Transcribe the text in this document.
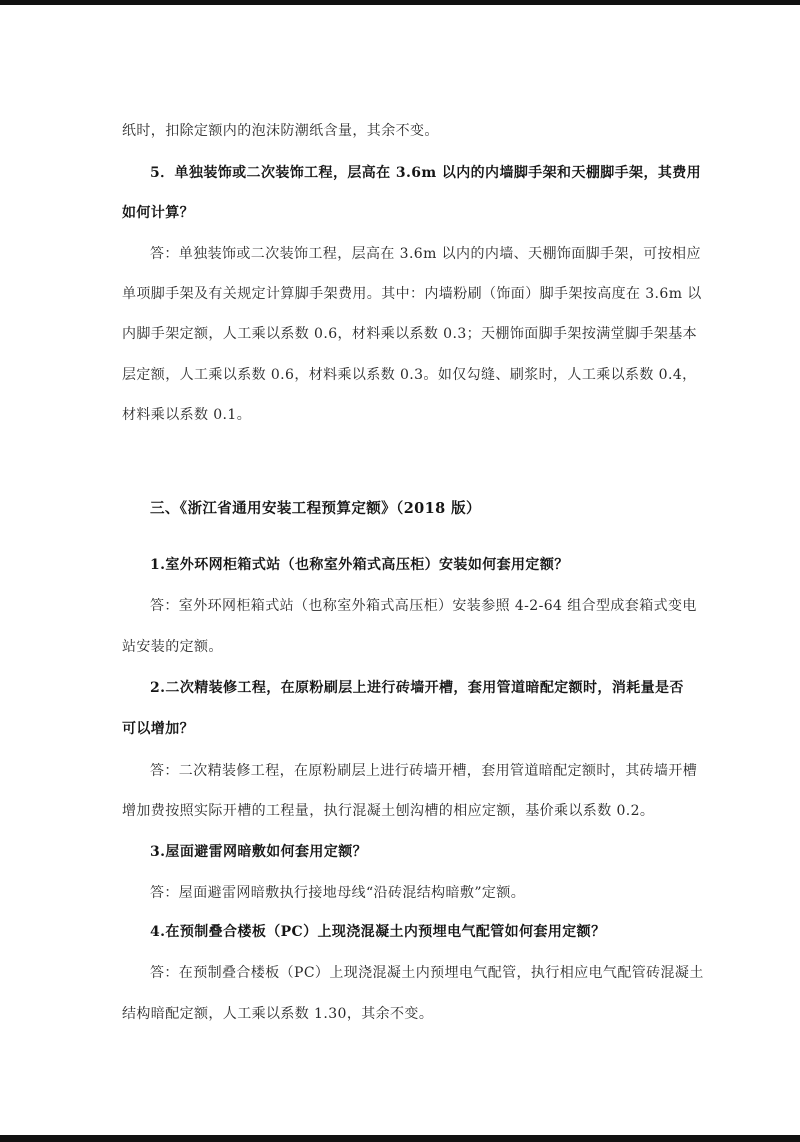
纸时，扣除定额内的泡沫防潮纸含量，其余不变。
5．单独装饰或二次装饰工程，层高在 3.6m 以内的内墙脚手架和天棚脚手架，其费用
如何计算？
答：单独装饰或二次装饰工程，层高在 3.6m 以内的内墙、天棚饰面脚手架，可按相应
单项脚手架及有关规定计算脚手架费用。其中：内墙粉刷（饰面）脚手架按高度在 3.6m 以
内脚手架定额，人工乘以系数 0.6，材料乘以系数 0.3；天棚饰面脚手架按满堂脚手架基本
层定额，人工乘以系数 0.6，材料乘以系数 0.3。如仅勾缝、刷浆时，人工乘以系数 0.4，
材料乘以系数 0.1。
三、《浙江省通用安装工程预算定额》（2018 版）
1.室外环网柜箱式站（也称室外箱式高压柜）安装如何套用定额？
答：室外环网柜箱式站（也称室外箱式高压柜）安装参照 4-2-64 组合型成套箱式变电
站安装的定额。
2.二次精装修工程，在原粉刷层上进行砖墙开槽，套用管道暗配定额时，消耗量是否
可以增加？
答：二次精装修工程，在原粉刷层上进行砖墙开槽，套用管道暗配定额时，其砖墙开槽
增加费按照实际开槽的工程量，执行混凝土刨沟槽的相应定额，基价乘以系数 0.2。
3.屋面避雷网暗敷如何套用定额？
答：屋面避雷网暗敷执行接地母线“沿砖混结构暗敷”定额。
4.在预制叠合楼板（PC）上现浇混凝土内预埋电气配管如何套用定额？
答：在预制叠合楼板（PC）上现浇混凝土内预埋电气配管，执行相应电气配管砖混凝土
结构暗配定额，人工乘以系数 1.30，其余不变。
